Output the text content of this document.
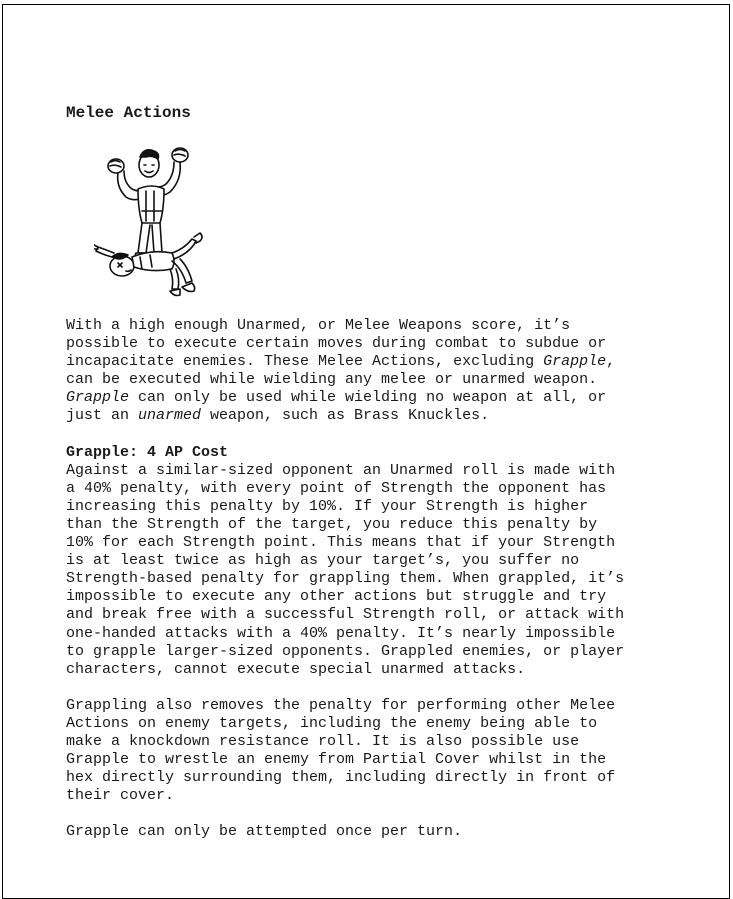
Melee Actions

With a high enough Unarmed, or Melee Weapons score, it’s

possible to execute certain moves during combat to subdue or

incapacitate enemies. These Melee Actions, excluding Grapple,

can be executed while wielding any melee or unarmed weapon.

Grapple can only be used while wielding no weapon at all, or

just an unarmed weapon, such as Brass Knuckles.

Grapple: 4 AP Cost

Against a similar-sized opponent an Unarmed roll is made with

a 40% penalty, with every point of Strength the opponent has

increasing this penalty by 10%. If your Strength is higher

than the Strength of the target, you reduce this penalty by

10% for each Strength point. This means that if your Strength

is at least twice as high as your target’s, you suffer no

Strength-based penalty for grappling them. When grappled, it’s

impossible to execute any other actions but struggle and try

and break free with a successful Strength roll, or attack with

one-handed attacks with a 40% penalty. It’s nearly impossible

to grapple larger-sized opponents. Grappled enemies, or player

characters, cannot execute special unarmed attacks.

Grappling also removes the penalty for performing other Melee

Actions on enemy targets, including the enemy being able to

make a knockdown resistance roll. It is also possible use

Grapple to wrestle an enemy from Partial Cover whilst in the

hex directly surrounding them, including directly in front of

their cover.

Grapple can only be attempted once per turn.
